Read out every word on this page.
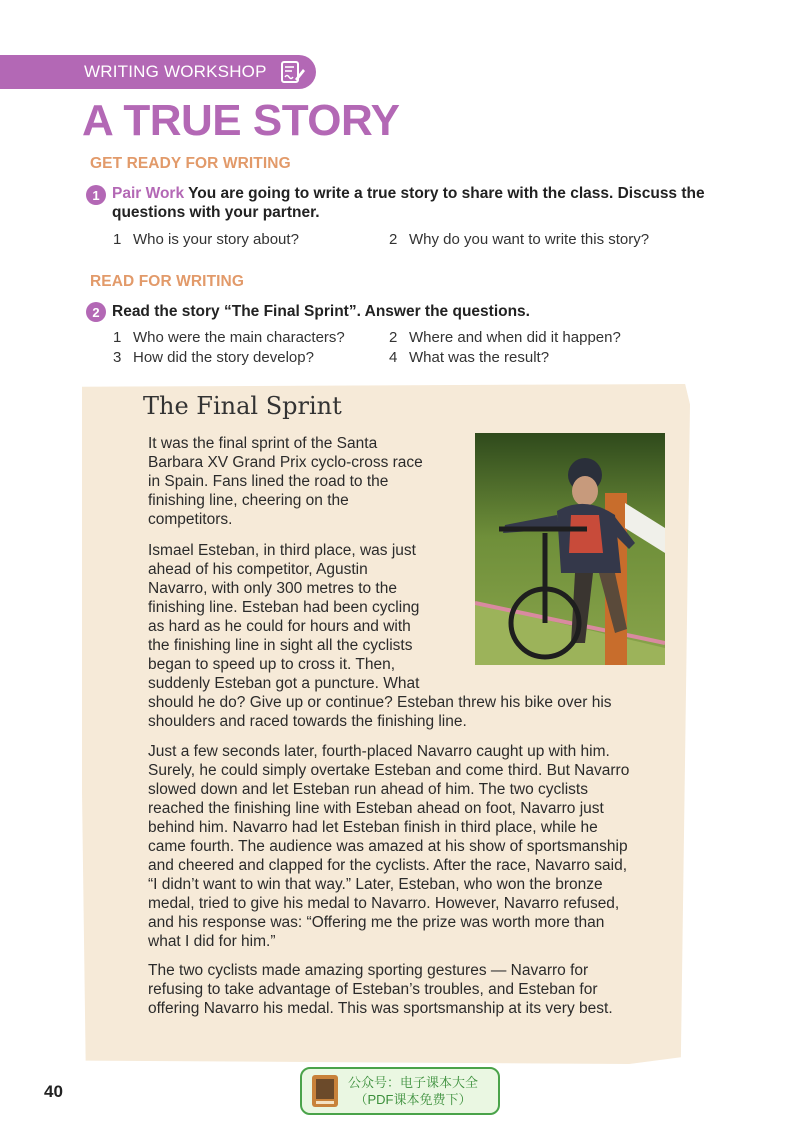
WRITING WORKSHOP
A TRUE STORY
GET READY FOR WRITING
1 Pair Work You are going to write a true story to share with the class. Discuss the questions with your partner.
1 Who is your story about?	2 Why do you want to write this story?
READ FOR WRITING
2 Read the story “The Final Sprint”. Answer the questions.
1 Who were the main characters?	2 Where and when did it happen?
3 How did the story develop?	4 What was the result?
The Final Sprint
It was the final sprint of the Santa
Barbara XV Grand Prix cyclo-cross race
in Spain. Fans lined the road to the
finishing line, cheering on the
competitors.
Ismael Esteban, in third place, was just
ahead of his competitor, Agustin
Navarro, with only 300 metres to the
finishing line. Esteban had been cycling
as hard as he could for hours and with
the finishing line in sight all the cyclists
began to speed up to cross it. Then,
suddenly Esteban got a puncture. What
should he do? Give up or continue? Esteban threw his bike over his
shoulders and raced towards the finishing line.
Just a few seconds later, fourth-placed Navarro caught up with him.
Surely, he could simply overtake Esteban and come third. But Navarro
slowed down and let Esteban run ahead of him. The two cyclists
reached the finishing line with Esteban ahead on foot, Navarro just
behind him. Navarro had let Esteban finish in third place, while he
came fourth. The audience was amazed at his show of sportsmanship
and cheered and clapped for the cyclists. After the race, Navarro said,
“I didn’t want to win that way.” Later, Esteban, who won the bronze
medal, tried to give his medal to Navarro. However, Navarro refused,
and his response was: “Offering me the prize was worth more than
what I did for him.”
The two cyclists made amazing sporting gestures — Navarro for
refusing to take advantage of Esteban’s troubles, and Esteban for
offering Navarro his medal. This was sportsmanship at its very best.
40	公众号：电子课本大全
（PDF课本免费下）
